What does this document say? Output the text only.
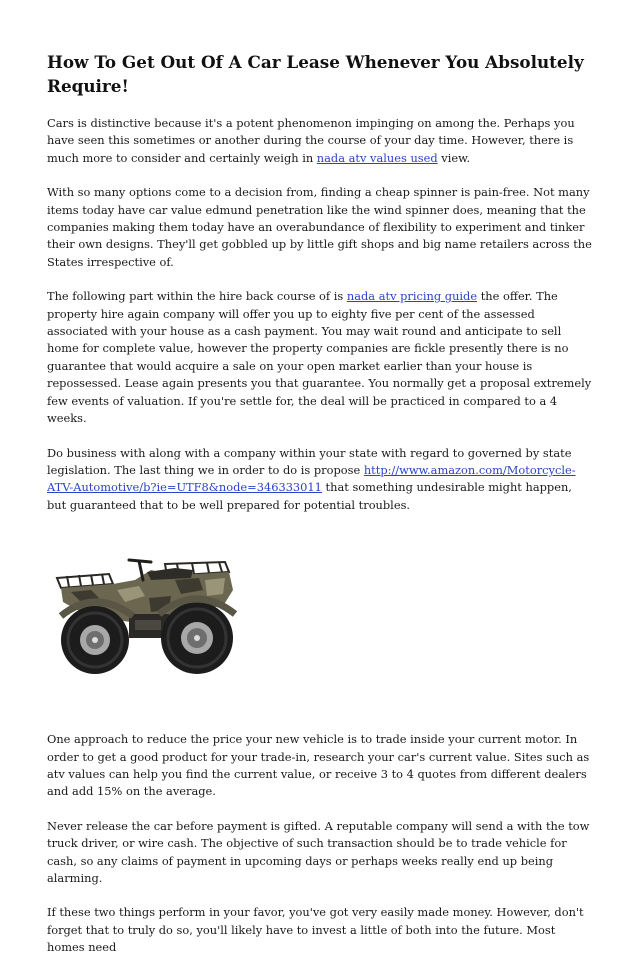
How To Get Out Of A Car Lease Whenever You Absolutely Require!

Cars is distinctive because it's a potent phenomenon impinging on among the. Perhaps you have seen this sometimes or another during the course of your day time. However, there is much more to consider and certainly weigh in nada atv values used view.

With so many options come to a decision from, finding a cheap spinner is pain-free. Not many items today have car value edmund penetration like the wind spinner does, meaning that the companies making them today have an overabundance of flexibility to experiment and tinker their own designs. They'll get gobbled up by little gift shops and big name retailers across the States irrespective of.

The following part within the hire back course of is nada atv pricing guide the offer. The property hire again company will offer you up to eighty five per cent of the assessed associated with your house as a cash payment. You may wait round and anticipate to sell home for complete value, however the property companies are fickle presently there is no guarantee that would acquire a sale on your open market earlier than your house is repossessed. Lease again presents you that guarantee. You normally get a proposal extremely few events of valuation. If you're settle for, the deal will be practiced in compared to a 4 weeks.

Do business with along with a company within your state with regard to governed by state legislation. The last thing we in order to do is propose http://www.amazon.com/Motorcycle-ATV-Automotive/b?ie=UTF8&node=346333011 that something undesirable might happen, but guaranteed that to be well prepared for potential troubles.

One approach to reduce the price your new vehicle is to trade inside your current motor. In order to get a good product for your trade-in, research your car's current value. Sites such as atv values can help you find the current value, or receive 3 to 4 quotes from different dealers and add 15% on the average.

Never release the car before payment is gifted. A reputable company will send a with the tow truck driver, or wire cash. The objective of such transaction should be to trade vehicle for cash, so any claims of payment in upcoming days or perhaps weeks really end up being alarming.

If these two things perform in your favor, you've got very easily made money. However, don't forget that to truly do so, you'll likely have to invest a little of both into the future. Most homes need
